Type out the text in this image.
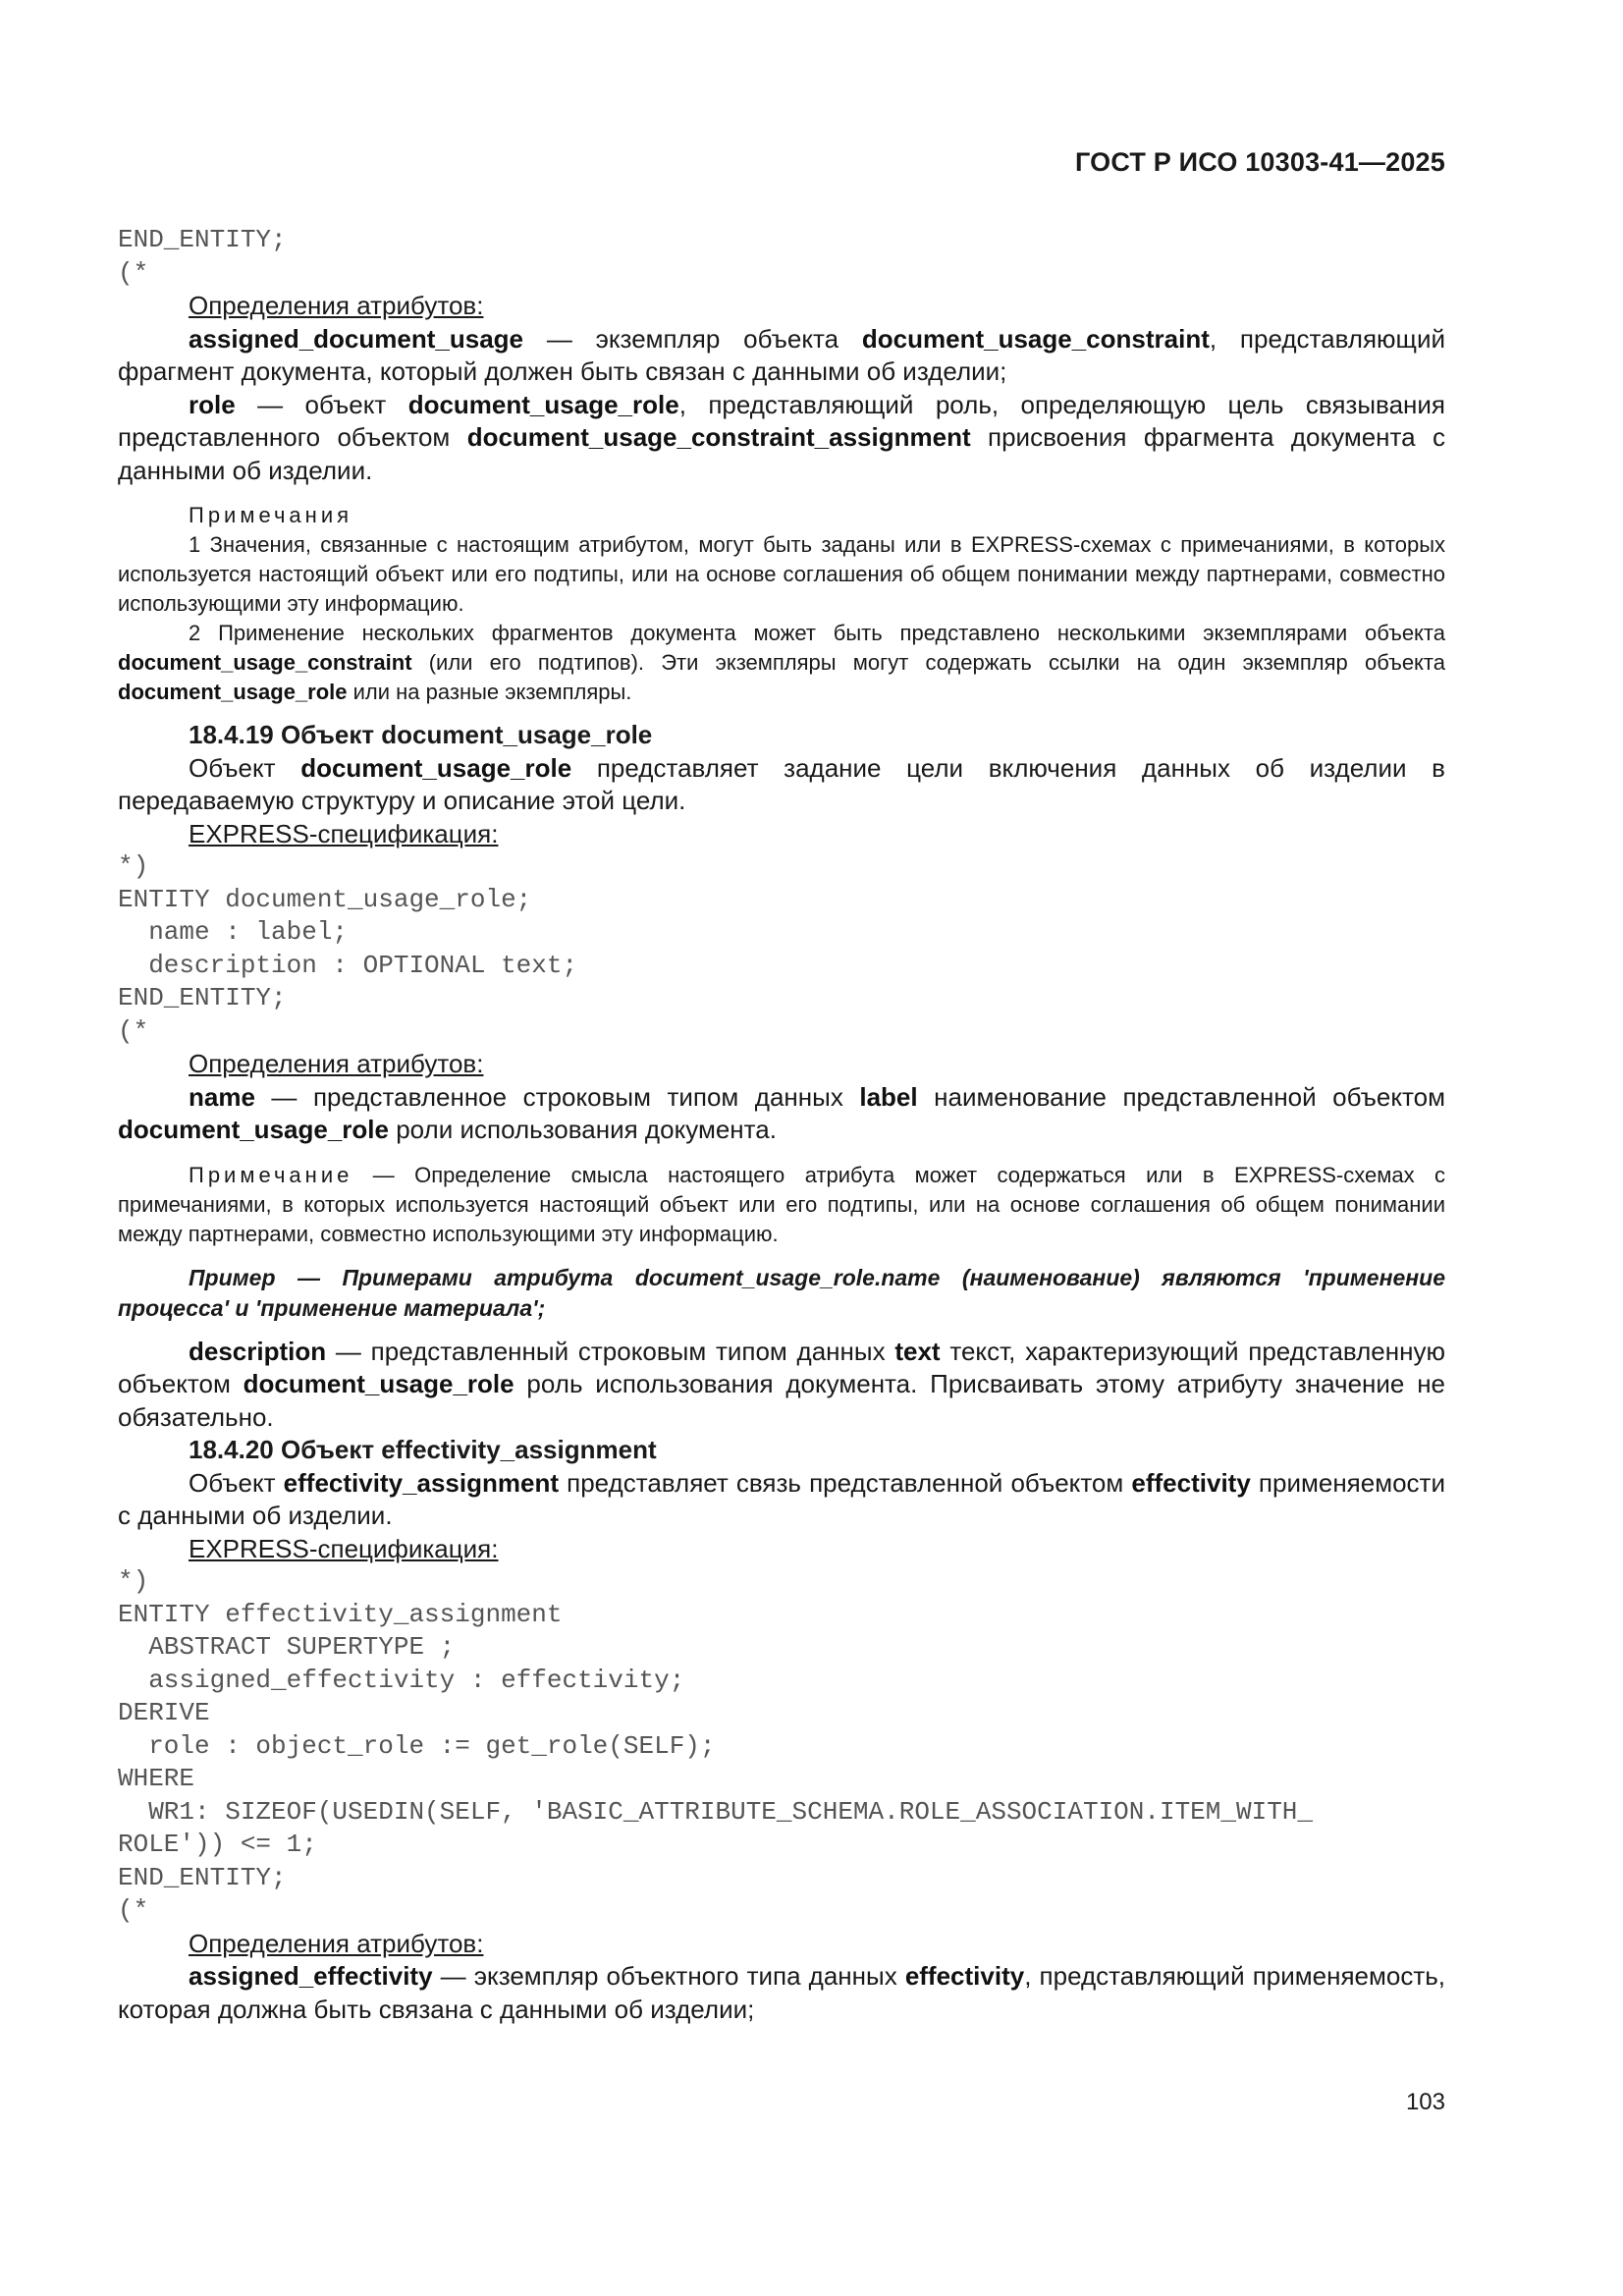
ГОСТ Р ИСО 10303-41—2025
END_ENTITY;
(*
Определения атрибутов:

assigned_document_usage — экземпляр объекта document_usage_constraint, представляющий фрагмент документа, который должен быть связан с данными об изделии;

role — объект document_usage_role, представляющий роль, определяющую цель связывания представленного объектом document_usage_constraint_assignment присвоения фрагмента документа с данными об изделии.

Примечания

1 Значения, связанные с настоящим атрибутом, могут быть заданы или в EXPRESS-схемах с примечаниями, в которых используется настоящий объект или его подтипы, или на основе соглашения об общем понимании между партнерами, совместно использующими эту информацию.

2 Применение нескольких фрагментов документа может быть представлено несколькими экземплярами объекта document_usage_constraint (или его подтипов). Эти экземпляры могут содержать ссылки на один экземпляр объекта document_usage_role или на разные экземпляры.

18.4.19 Объект document_usage_role

Объект document_usage_role представляет задание цели включения данных об изделии в передаваемую структуру и описание этой цели.

EXPRESS-спецификация:
*)
ENTITY document_usage_role;
name : label;
description : OPTIONAL text;
END_ENTITY;
(*
Определения атрибутов:

name — представленное строковым типом данных label наименование представленной объектом document_usage_role роли использования документа.

Примечание — Определение смысла настоящего атрибута может содержаться или в EXPRESS-схемах с примечаниями, в которых используется настоящий объект или его подтипы, или на основе соглашения об общем понимании между партнерами, совместно использующими эту информацию.

Пример — Примерами атрибута document_usage_role.name (наименование) являются 'применение процесса' и 'применение материала';

description — представленный строковым типом данных text текст, характеризующий представленную объектом document_usage_role роль использования документа. Присваивать этому атрибуту значение не обязательно.

18.4.20 Объект effectivity_assignment

Объект effectivity_assignment представляет связь представленной объектом effectivity применяемости с данными об изделии.

EXPRESS-спецификация:
*)
ENTITY effectivity_assignment
ABSTRACT SUPERTYPE ;
assigned_effectivity : effectivity;
DERIVE
role : object_role := get_role(SELF);
WHERE
WR1: SIZEOF(USEDIN(SELF, 'BASIC_ATTRIBUTE_SCHEMA.ROLE_ASSOCIATION.ITEM_WITH_
ROLE')) <= 1;
END_ENTITY;
(*
Определения атрибутов:

assigned_effectivity — экземпляр объектного типа данных effectivity, представляющий применяемость, которая должна быть связана с данными об изделии;

103
